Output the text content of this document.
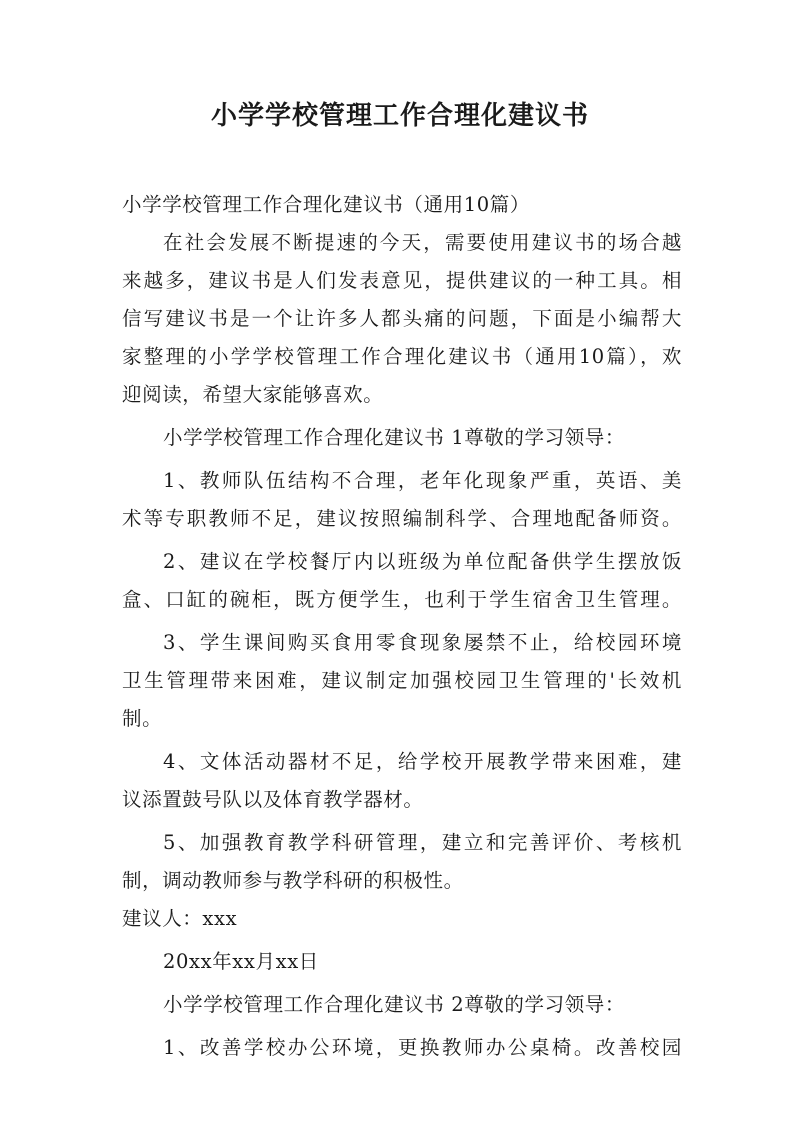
小学学校管理工作合理化建议书
小学学校管理工作合理化建议书（通用10篇）
在社会发展不断提速的今天，需要使用建议书的场合越
来越多，建议书是人们发表意见，提供建议的一种工具。相
信写建议书是一个让许多人都头痛的问题，下面是小编帮大
家整理的小学学校管理工作合理化建议书（通用10篇），欢
迎阅读，希望大家能够喜欢。
小学学校管理工作合理化建议书 1尊敬的学习领导：
1、教师队伍结构不合理，老年化现象严重，英语、美
术等专职教师不足，建议按照编制科学、合理地配备师资。
2、建议在学校餐厅内以班级为单位配备供学生摆放饭
盒、口缸的碗柜，既方便学生，也利于学生宿舍卫生管理。
3、学生课间购买食用零食现象屡禁不止，给校园环境
卫生管理带来困难，建议制定加强校园卫生管理的'长效机
制。
4、文体活动器材不足，给学校开展教学带来困难，建
议添置鼓号队以及体育教学器材。
5、加强教育教学科研管理，建立和完善评价、考核机
制，调动教师参与教学科研的积极性。
建议人：xxx
20xx年xx月xx日
小学学校管理工作合理化建议书 2尊敬的学习领导：
1、改善学校办公环境，更换教师办公桌椅。改善校园
